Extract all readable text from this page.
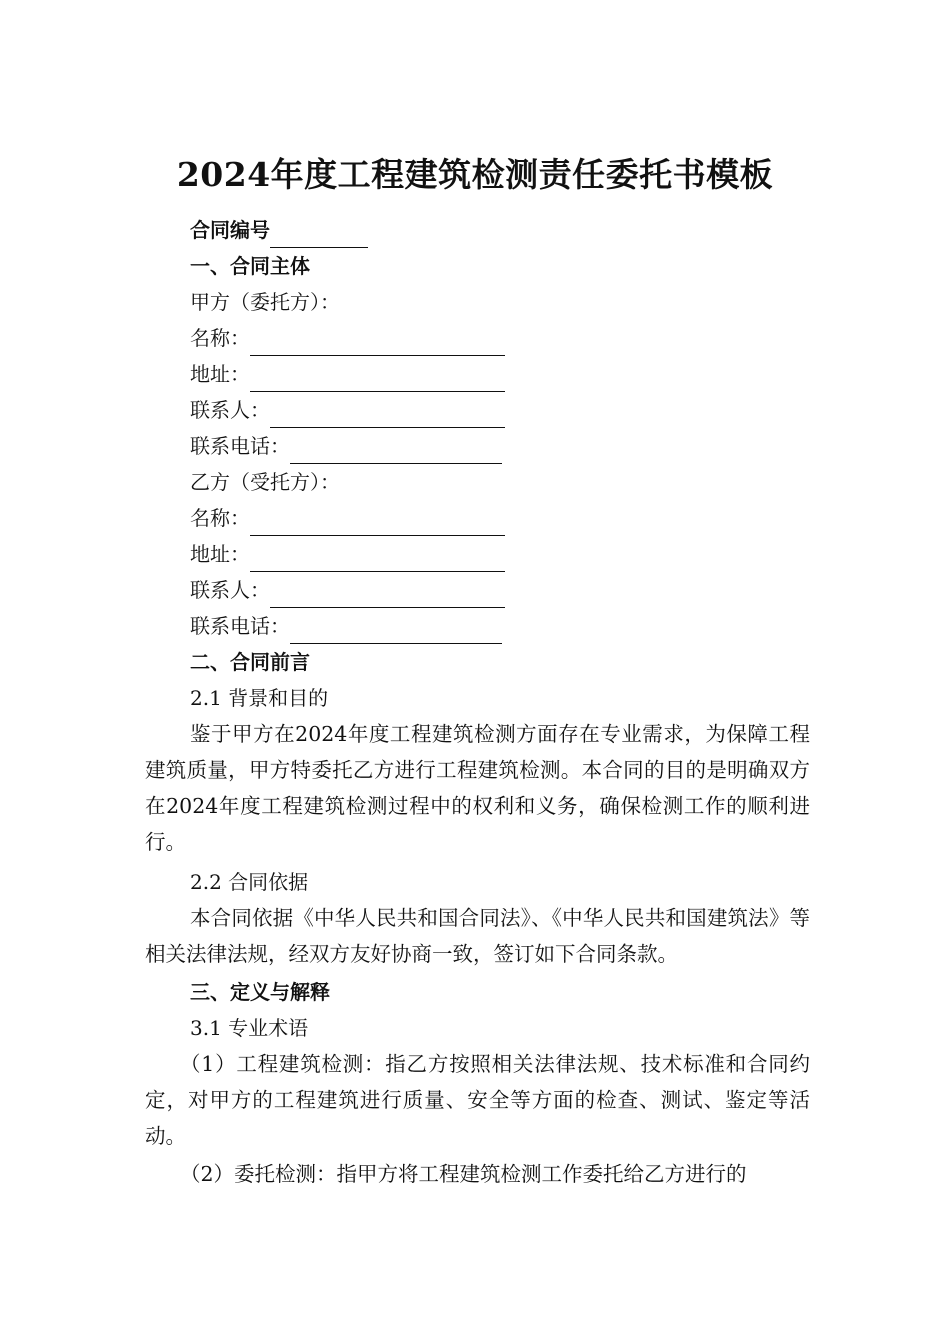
2024年度工程建筑检测责任委托书模板
合同编号
一、合同主体
甲方（委托方）：
名称：
地址：
联系人：
联系电话：
乙方（受托方）：
名称：
地址：
联系人：
联系电话：
二、合同前言
2.1 背景和目的
鉴于甲方在2024年度工程建筑检测方面存在专业需求，为保障工程建筑质量，甲方特委托乙方进行工程建筑检测。本合同的目的是明确双方在2024年度工程建筑检测过程中的权利和义务，确保检测工作的顺利进行。
2.2 合同依据
本合同依据《中华人民共和国合同法》、《中华人民共和国建筑法》等相关法律法规，经双方友好协商一致，签订如下合同条款。
三、定义与解释
3.1 专业术语
（1）工程建筑检测：指乙方按照相关法律法规、技术标准和合同约定，对甲方的工程建筑进行质量、安全等方面的检查、测试、鉴定等活动。
（2）委托检测：指甲方将工程建筑检测工作委托给乙方进行的
